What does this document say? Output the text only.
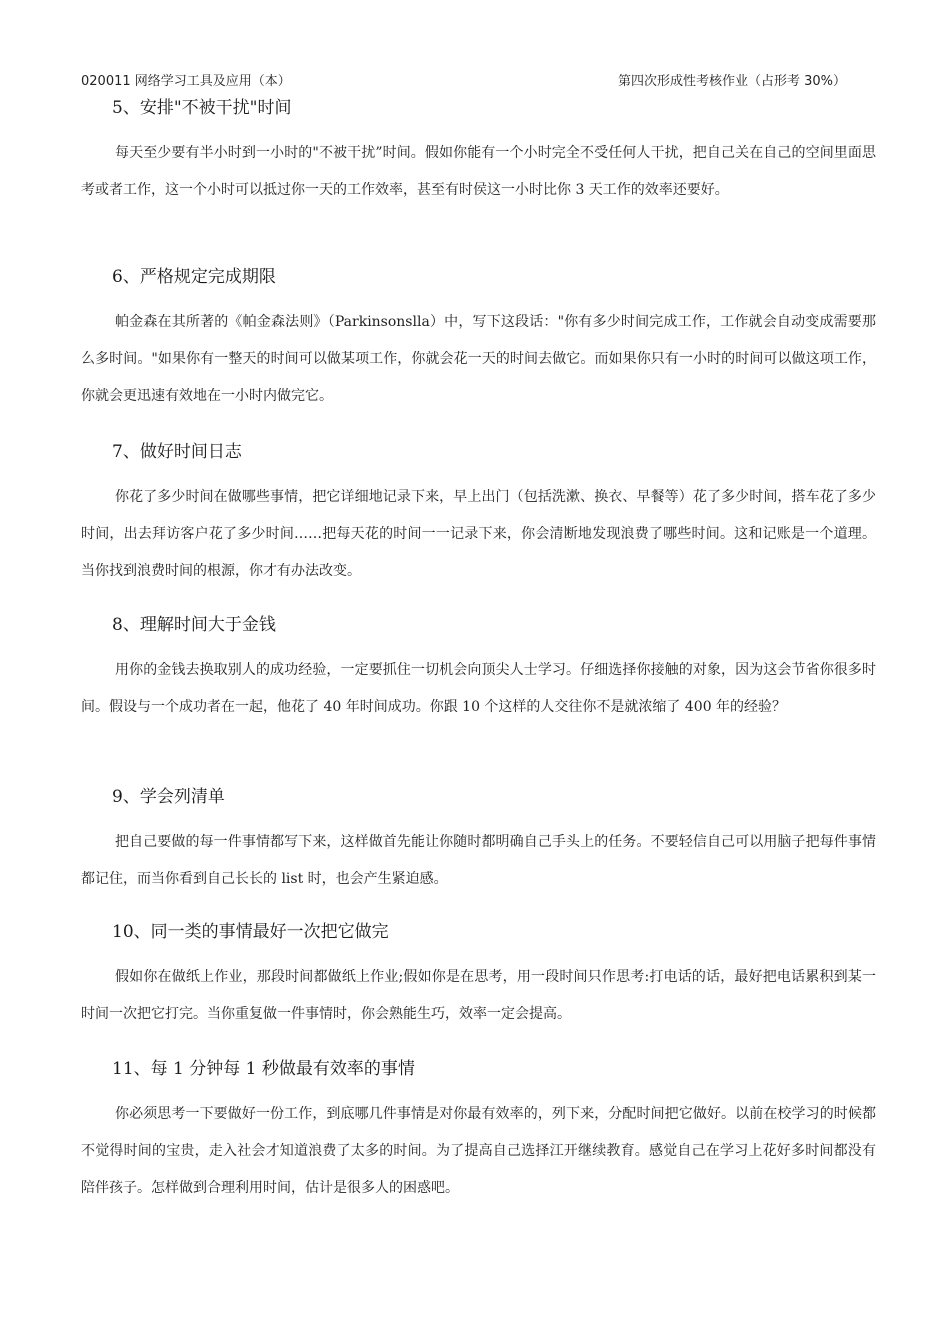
020011 网络学习工具及应用（本）	第四次形成性考核作业（占形考 30%）
5、安排"不被干扰"时间

每天至少要有半小时到一小时的"不被干扰”时间。假如你能有一个小时完全不受任何人干扰，把自己关在自己的空间里面思考或者工作，这一个小时可以抵过你一天的工作效率，甚至有时侯这一小时比你 3 天工作的效率还要好。

6、严格规定完成期限

帕金森在其所著的《帕金森法则》（Parkinsonslla）中，写下这段话："你有多少时间完成工作，工作就会自动变成需要那么多时间。"如果你有一整天的时间可以做某项工作，你就会花一天的时间去做它。而如果你只有一小时的时间可以做这项工作，你就会更迅速有效地在一小时内做完它。

7、做好时间日志

你花了多少时间在做哪些事情，把它详细地记录下来，早上出门（包括洗漱、换衣、早餐等）花了多少时间，搭车花了多少时间，出去拜访客户花了多少时间……把每天花的时间一一记录下来，你会清断地发现浪费了哪些时间。这和记账是一个道理。当你找到浪费时间的根源，你才有办法改变。

8、理解时间大于金钱

用你的金钱去换取别人的成功经验，一定要抓住一切机会向顶尖人士学习。仔细选择你接触的对象，因为这会节省你很多时间。假设与一个成功者在一起，他花了 40 年时间成功。你跟 10 个这样的人交往你不是就浓缩了 400 年的经验？

9、学会列清单

把自己要做的每一件事情都写下来，这样做首先能让你随时都明确自己手头上的任务。不要轻信自己可以用脑子把每件事情都记住，而当你看到自己长长的 list 时，也会产生紧迫感。

10、同一类的事情最好一次把它做完

假如你在做纸上作业，那段时间都做纸上作业;假如你是在思考，用一段时间只作思考:打电话的话，最好把电话累积到某一时间一次把它打完。当你重复做一件事情时，你会熟能生巧，效率一定会提高。

11、每 1 分钟每 1 秒做最有效率的事情

你必须思考一下要做好一份工作，到底哪几件事情是对你最有效率的，列下来，分配时间把它做好。以前在校学习的时候都不觉得时间的宝贵，走入社会才知道浪费了太多的时间。为了提高自己选择江开继续教育。感觉自己在学习上花好多时间都没有陪伴孩子。怎样做到合理利用时间，估计是很多人的困惑吧。
